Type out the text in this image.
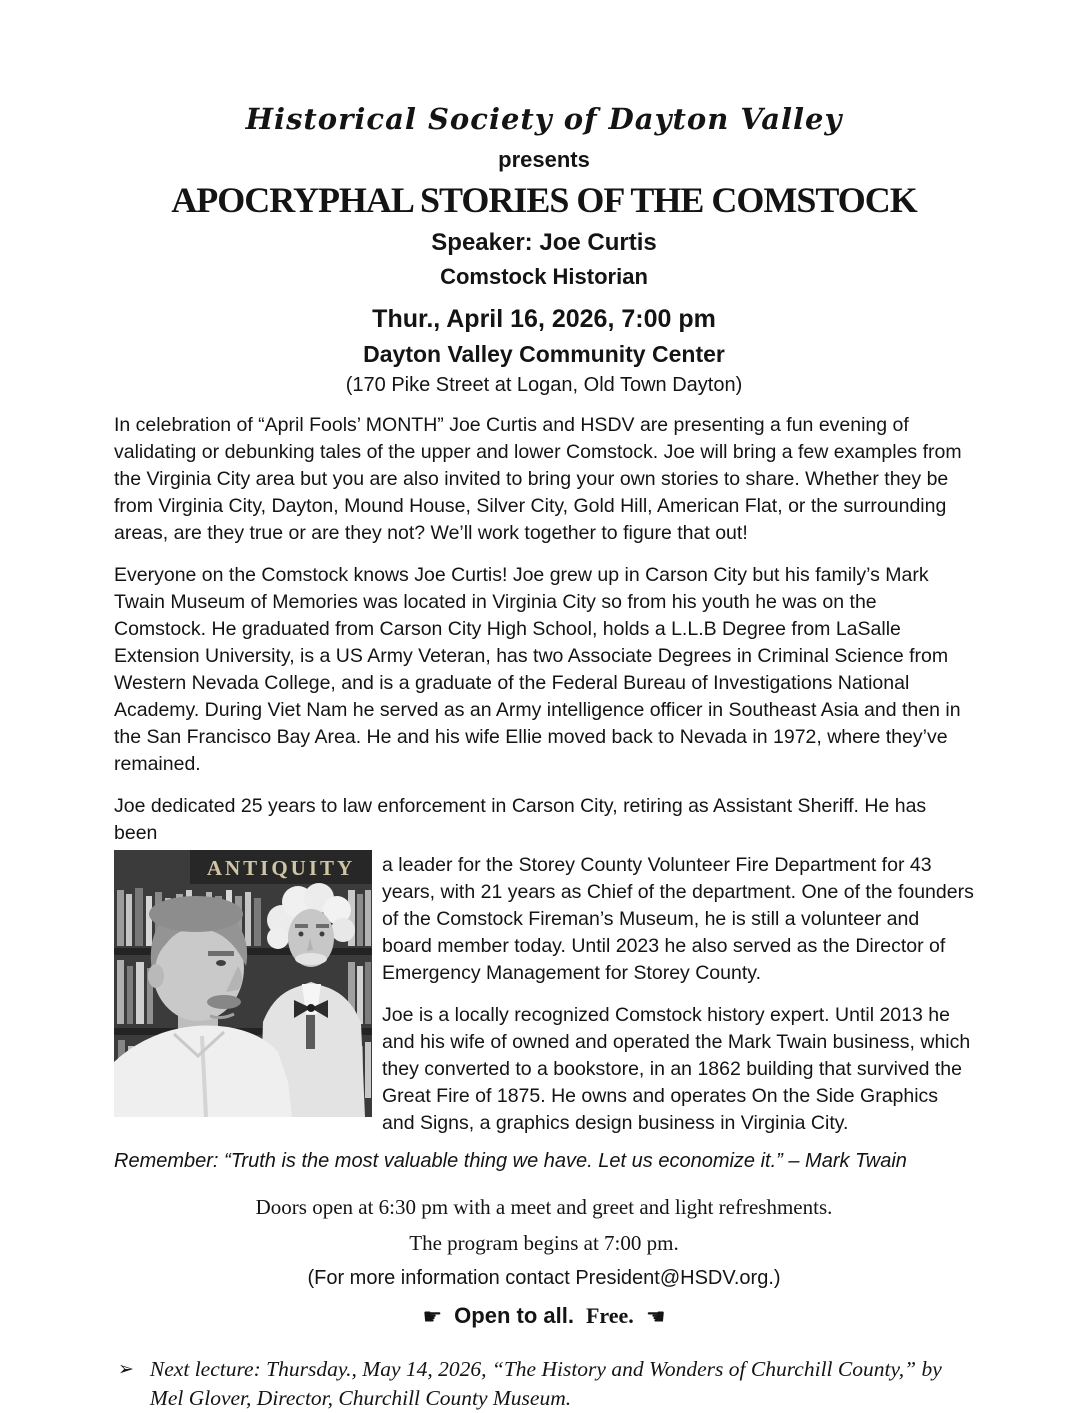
Historical Society of Dayton Valley
presents
APOCRYPHAL STORIES OF THE COMSTOCK
Speaker: Joe Curtis
Comstock Historian
Thur., April 16, 2026, 7:00 pm
Dayton Valley Community Center
(170 Pike Street at Logan, Old Town Dayton)

In celebration of “April Fools’ MONTH” Joe Curtis and HSDV are presenting a fun evening of validating or debunking tales of the upper and lower Comstock. Joe will bring a few examples from the Virginia City area but you are also invited to bring your own stories to share. Whether they be from Virginia City, Dayton, Mound House, Silver City, Gold Hill, American Flat, or the surrounding areas, are they true or are they not? We’ll work together to figure that out!

Everyone on the Comstock knows Joe Curtis! Joe grew up in Carson City but his family’s Mark Twain Museum of Memories was located in Virginia City so from his youth he was on the Comstock. He graduated from Carson City High School, holds a L.L.B Degree from LaSalle Extension University, is a US Army Veteran, has two Associate Degrees in Criminal Science from Western Nevada College, and is a graduate of the Federal Bureau of Investigations National Academy. During Viet Nam he served as an Army intelligence officer in Southeast Asia and then in the San Francisco Bay Area. He and his wife Ellie moved back to Nevada in 1972, where they’ve remained.

Joe dedicated 25 years to law enforcement in Carson City, retiring as Assistant Sheriff. He has been

ANTIQUITY a leader for the Storey County Volunteer Fire Department for 43 years, with 21 years as Chief of the department. One of the founders of the Comstock Fireman’s Museum, he is still a volunteer and board member today. Until 2023 he also served as the Director of Emergency Management for Storey County.

Joe is a locally recognized Comstock history expert. Until 2013 he and his wife of owned and operated the Mark Twain business, which they converted to a bookstore, in an 1862 building that survived the Great Fire of 1875. He owns and operates On the Side Graphics and Signs, a graphics design business in Virginia City.

Remember: “Truth is the most valuable thing we have. Let us economize it.” – Mark Twain

Doors open at 6:30 pm with a meet and greet and light refreshments.
The program begins at 7:00 pm.
(For more information contact President@HSDV.org.)
☛ Open to all. Free. ☚
➢ Next lecture: Thursday., May 14, 2026, “The History and Wonders of Churchill County,” by Mel Glover, Director, Churchill County Museum.
